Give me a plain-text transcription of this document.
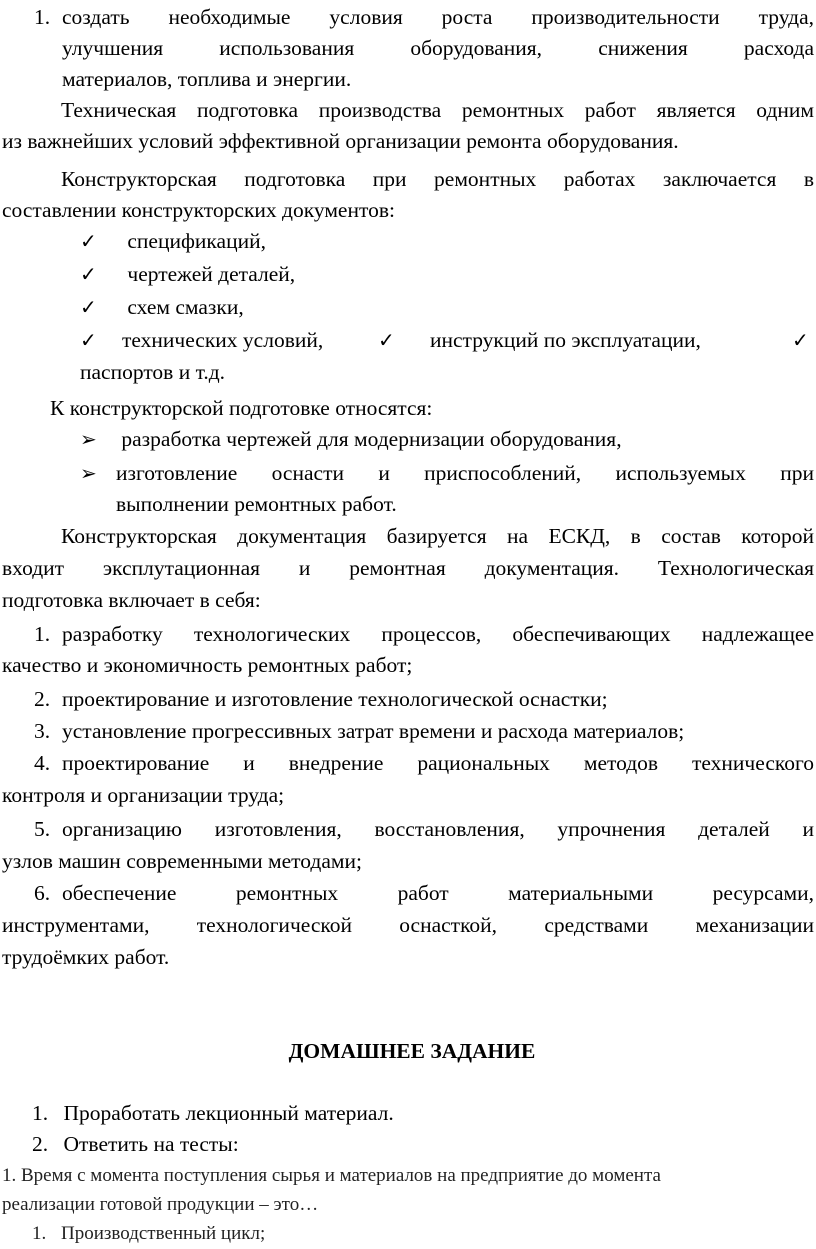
1. создать необходимые условия роста производительности труда,
улучшения использования оборудования, снижения расхода
материалов, топлива и энергии.
Техническая подготовка производства ремонтных работ является одним
из важнейших условий эффективной организации ремонта оборудования.
Конструкторская подготовка при ремонтных работах заключается в
составлении конструкторских документов:
✓ спецификаций,
✓ чертежей деталей,
✓ схем смазки,
✓ технических условий,	✓	инструкций по эксплуатации,	✓
паспортов и т.д.
К конструкторской подготовке относятся:
➢ разработка чертежей для модернизации оборудования,
➢ изготовление оснасти и приспособлений, используемых при
выполнении ремонтных работ.
Конструкторская документация базируется на ЕСКД, в состав которой
входит эксплутационная и ремонтная документация. Технологическая
подготовка включает в себя:
1. разработку технологических процессов, обеспечивающих надлежащее
качество и экономичность ремонтных работ;
2. проектирование и изготовление технологической оснастки;
3. установление прогрессивных затрат времени и расхода материалов;
4. проектирование и внедрение рациональных методов технического
контроля и организации труда;
5. организацию изготовления, восстановления, упрочнения деталей и
узлов машин современными методами;
6. обеспечение ремонтных работ материальными ресурсами,
инструментами, технологической оснасткой, средствами механизации
трудоёмких работ.
ДОМАШНЕЕ ЗАДАНИЕ
1. Проработать лекционный материал.
2. Ответить на тесты:
1. Время с момента поступления сырья и материалов на предприятие до момента
реализации готовой продукции – это…
1. Производственный цикл;
